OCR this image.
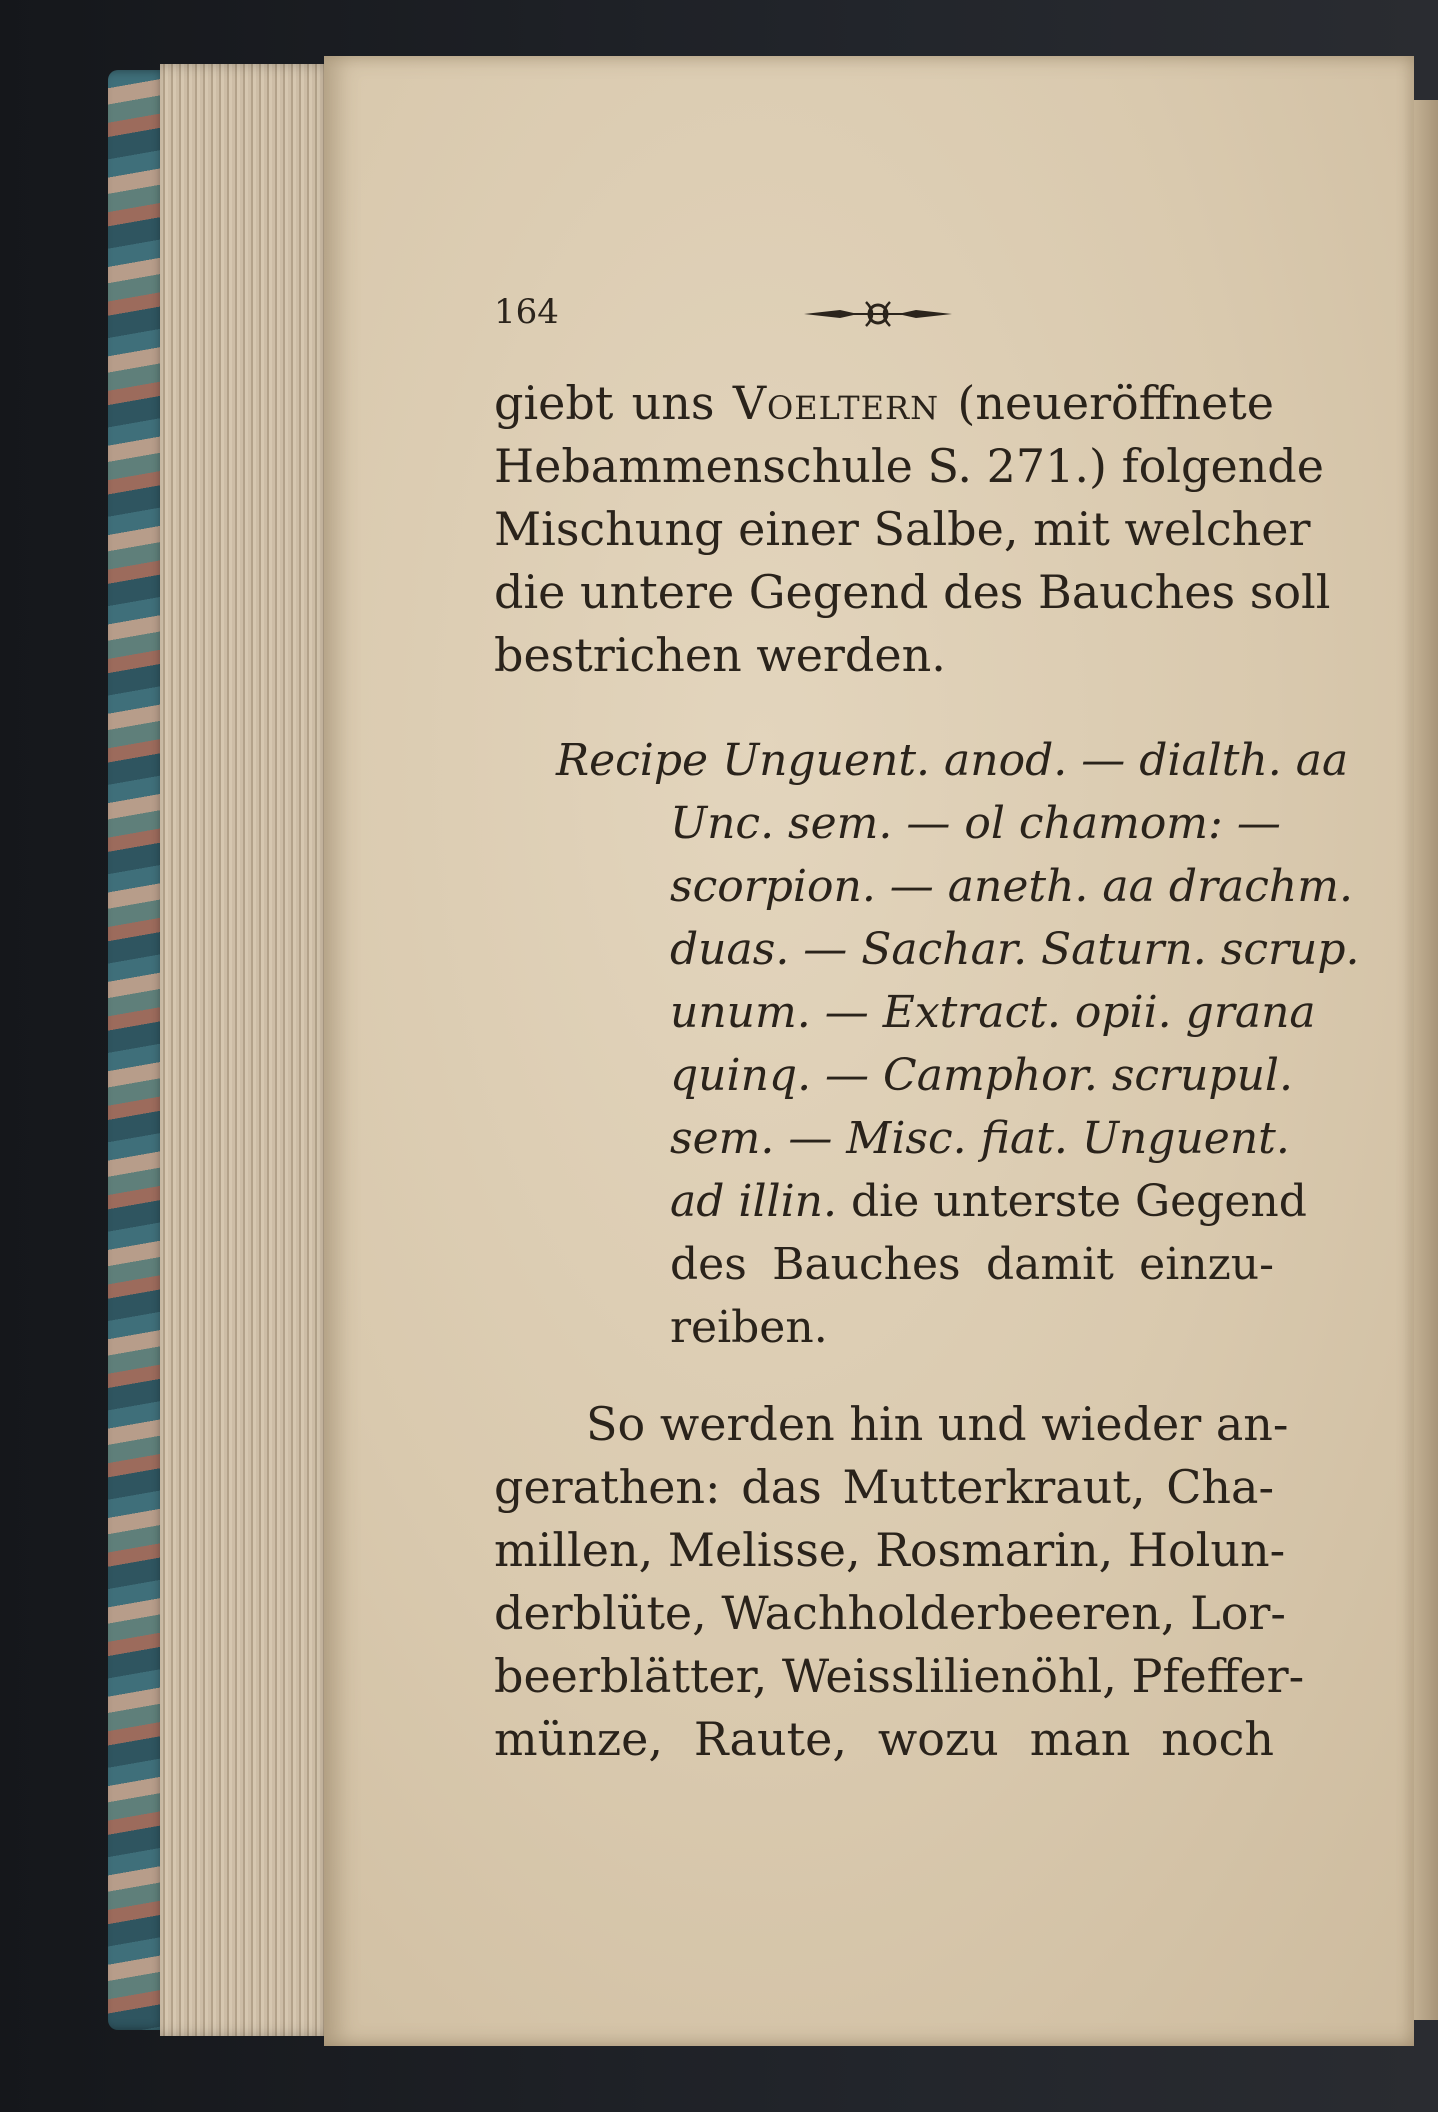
164
giebt uns Voeltern (neueröffnete
Hebammenschule S. 271.) folgende
Mischung einer Salbe, mit welcher
die untere Gegend des Bauches soll
bestrichen werden.
Recipe Unguent. anod. — dialth. aa
Unc. sem. — ol chamom: —
scorpion. — aneth. aa drachm.
duas. — Sachar. Saturn. scrup.
unum. — Extract. opii. grana
quinq. — Camphor. scrupul.
sem. — Misc. fiat. Unguent.
ad illin. die unterste Gegend
des Bauches damit einzu-
reiben.
So werden hin und wieder an-
gerathen: das Mutterkraut, Cha-
millen, Melisse, Rosmarin, Holun-
derblüte, Wachholderbeeren, Lor-
beerblätter, Weisslilienöhl, Pfeffer-
münze, Raute, wozu man noch
